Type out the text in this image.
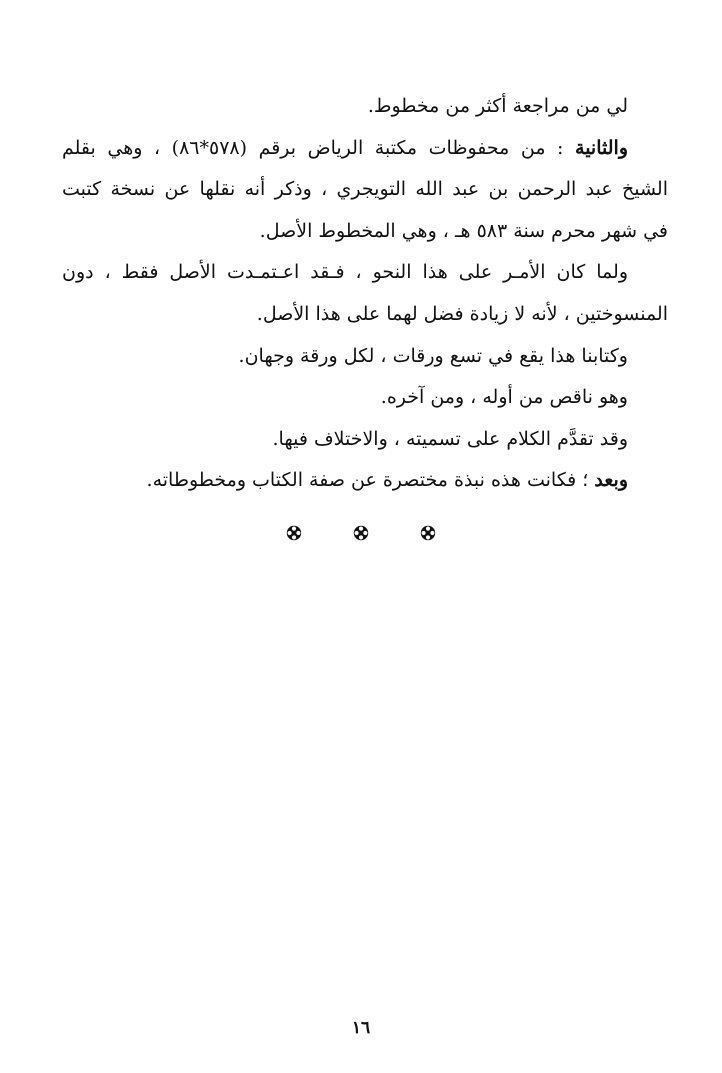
لي من مراجعة أكثر من مخطوط.
والثانية : من محفوظات مكتبة الرياض برقم (٥٧٨*٨٦) ، وهي بقلم
الشيخ عبد الرحمن بن عبد الله التويجري ، وذكر أنه نقلها عن نسخة كتبت
في شهر محرم سنة ٥٨٣ هـ ، وهي المخطوط الأصل.
ولما كان الأمـر على هذا النحو ، فـقد اعـتمـدت الأصل فقط ، دون
المنسوختين ، لأنه لا زيادة فضل لهما على هذا الأصل.
وكتابنا هذا يقع في تسع ورقات ، لكل ورقة وجهان.
وهو ناقص من أوله ، ومن آخره.
وقد تقدَّم الكلام على تسميته ، والاختلاف فيها.
وبعد ؛ فكانت هذه نبذة مختصرة عن صفة الكتاب ومخطوطاته.

١٦
